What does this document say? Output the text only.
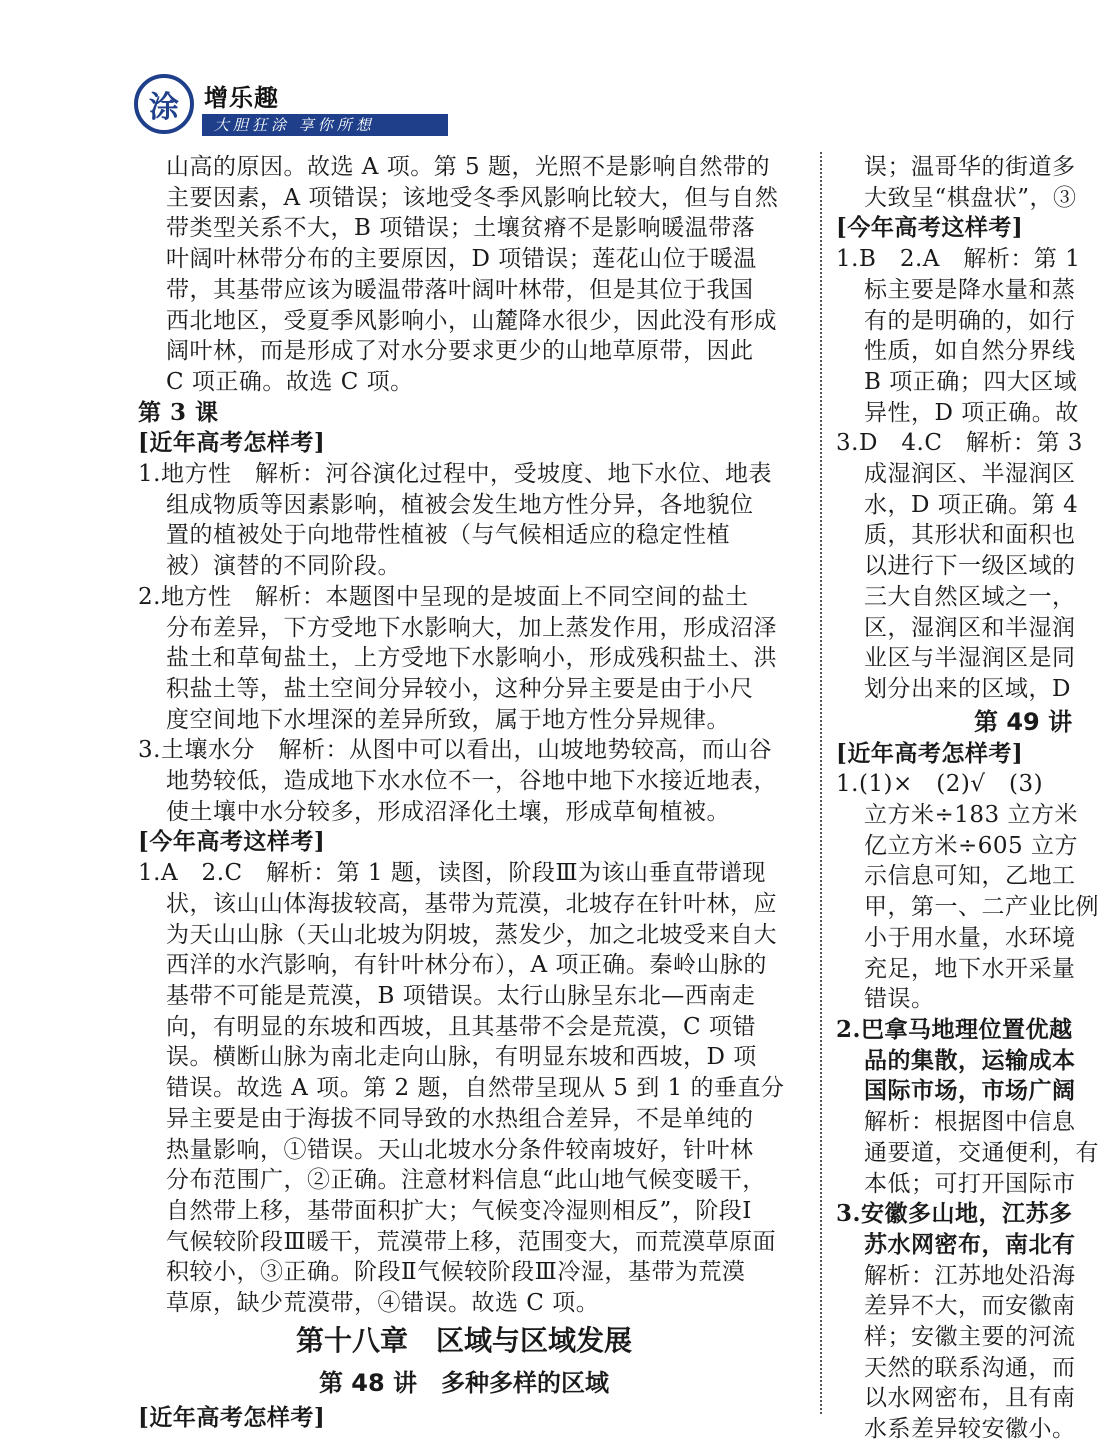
涂 增乐趣
大胆狂涂 享你所想
山高的原因。故选 A 项。第 5 题，光照不是影响自然带的
主要因素，A 项错误；该地受冬季风影响比较大，但与自然
带类型关系不大，B 项错误；土壤贫瘠不是影响暖温带落
叶阔叶林带分布的主要原因，D 项错误；莲花山位于暖温
带，其基带应该为暖温带落叶阔叶林带，但是其位于我国
西北地区，受夏季风影响小，山麓降水很少，因此没有形成
阔叶林，而是形成了对水分要求更少的山地草原带，因此
C 项正确。故选 C 项。
第 3 课
[近年高考怎样考]
1.地方性　解析：河谷演化过程中，受坡度、地下水位、地表
组成物质等因素影响，植被会发生地方性分异，各地貌位
置的植被处于向地带性植被（与气候相适应的稳定性植
被）演替的不同阶段。
2.地方性　解析：本题图中呈现的是坡面上不同空间的盐土
分布差异，下方受地下水影响大，加上蒸发作用，形成沼泽
盐土和草甸盐土，上方受地下水影响小，形成残积盐土、洪
积盐土等，盐土空间分异较小，这种分异主要是由于小尺
度空间地下水埋深的差异所致，属于地方性分异规律。
3.土壤水分　解析：从图中可以看出，山坡地势较高，而山谷
地势较低，造成地下水水位不一，谷地中地下水接近地表，
使土壤中水分较多，形成沼泽化土壤，形成草甸植被。
[今年高考这样考]
1.A　2.C　解析：第 1 题，读图，阶段Ⅲ为该山垂直带谱现
状，该山山体海拔较高，基带为荒漠，北坡存在针叶林，应
为天山山脉（天山北坡为阴坡，蒸发少，加之北坡受来自大
西洋的水汽影响，有针叶林分布），A 项正确。秦岭山脉的
基带不可能是荒漠，B 项错误。太行山脉呈东北—西南走
向，有明显的东坡和西坡，且其基带不会是荒漠，C 项错
误。横断山脉为南北走向山脉，有明显东坡和西坡，D 项
错误。故选 A 项。第 2 题，自然带呈现从 5 到 1 的垂直分
异主要是由于海拔不同导致的水热组合差异，不是单纯的
热量影响，①错误。天山北坡水分条件较南坡好，针叶林
分布范围广，②正确。注意材料信息“此山地气候变暖干，
自然带上移，基带面积扩大；气候变冷湿则相反”，阶段Ⅰ
气候较阶段Ⅲ暖干，荒漠带上移，范围变大，而荒漠草原面
积较小，③正确。阶段Ⅱ气候较阶段Ⅲ冷湿，基带为荒漠
草原，缺少荒漠带，④错误。故选 C 项。
第十八章　区域与区域发展
第 48 讲　多种多样的区域
[近年高考怎样考]
误；温哥华的街道多
大致呈“棋盘状”，③
[今年高考这样考]
1.B　2.A　解析：第 1
标主要是降水量和蒸
有的是明确的，如行
性质，如自然分界线
B 项正确；四大区域
异性，D 项正确。故
3.D　4.C　解析：第 3
成湿润区、半湿润区
水，D 项正确。第 4
质，其形状和面积也
以进行下一级区域的
三大自然区域之一，
区，湿润区和半湿润
业区与半湿润区是同
划分出来的区域，D
第 49 讲
[近年高考怎样考]
1.(1)×　(2)√　(3)
立方米÷183 立方米
亿立方米÷605 立方
示信息可知，乙地工
甲，第一、二产业比例
小于用水量，水环境
充足，地下水开采量
错误。
2.巴拿马地理位置优越
品的集散，运输成本
国际市场，市场广阔
解析：根据图中信息
通要道，交通便利，有
本低；可打开国际市
3.安徽多山地，江苏多
苏水网密布，南北有
解析：江苏地处沿海
差异不大，而安徽南
样；安徽主要的河流
天然的联系沟通，而
以水网密布，且有南
水系差异较安徽小。
